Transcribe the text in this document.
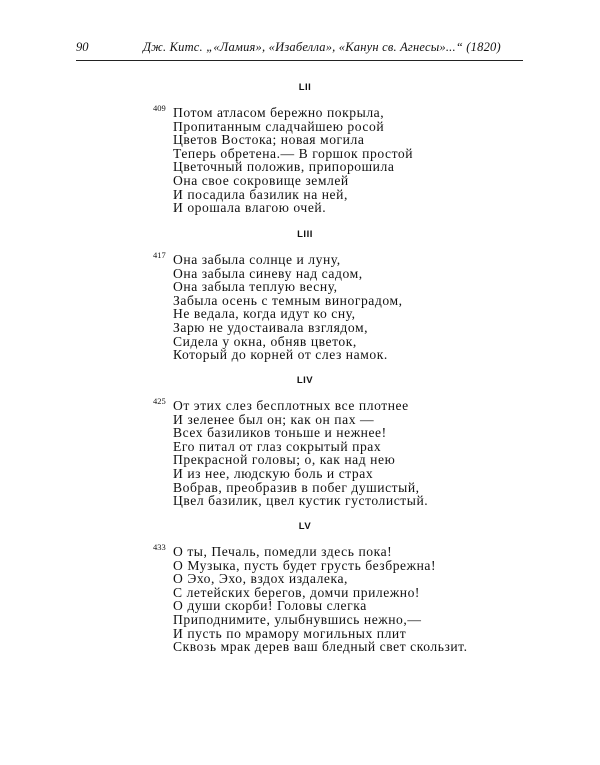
90	Дж. Китс. „«Ламия», «Изабелла», «Канун св. Агнесы»...“ (1820)
LII
409 Потом атласом бережно покрыла,
Пропитанным сладчайшею росой
Цветов Востока; новая могила
Теперь обретена.— В горшок простой
Цветочный положив, припорошила
Она свое сокровище землей
И посадила базилик на ней,
И орошала влагою очей.
LIII
417 Она забыла солнце и луну,
Она забыла синеву над садом,
Она забыла теплую весну,
Забыла осень с темным виноградом,
Не ведала, когда идут ко сну,
Зарю не удостаивала взглядом,
Сидела у окна, обняв цветок,
Который до корней от слез намок.
LIV
425 От этих слез бесплотных все плотнее
И зеленее был он; как он пах —
Всех базиликов тоньше и нежнее!
Его питал от глаз сокрытый прах
Прекрасной головы; о, как над нею
И из нее, людскую боль и страх
Вобрав, преобразив в побег душистый,
Цвел базилик, цвел кустик густолистый.
LV
433 О ты, Печаль, помедли здесь пока!
О Музыка, пусть будет грусть безбрежна!
О Эхо, Эхо, вздох издалека,
С летейских берегов, домчи прилежно!
О души скорби! Головы слегка
Приподнимите, улыбнувшись нежно,—
И пусть по мрамору могильных плит
Сквозь мрак дерев ваш бледный свет скользит.
